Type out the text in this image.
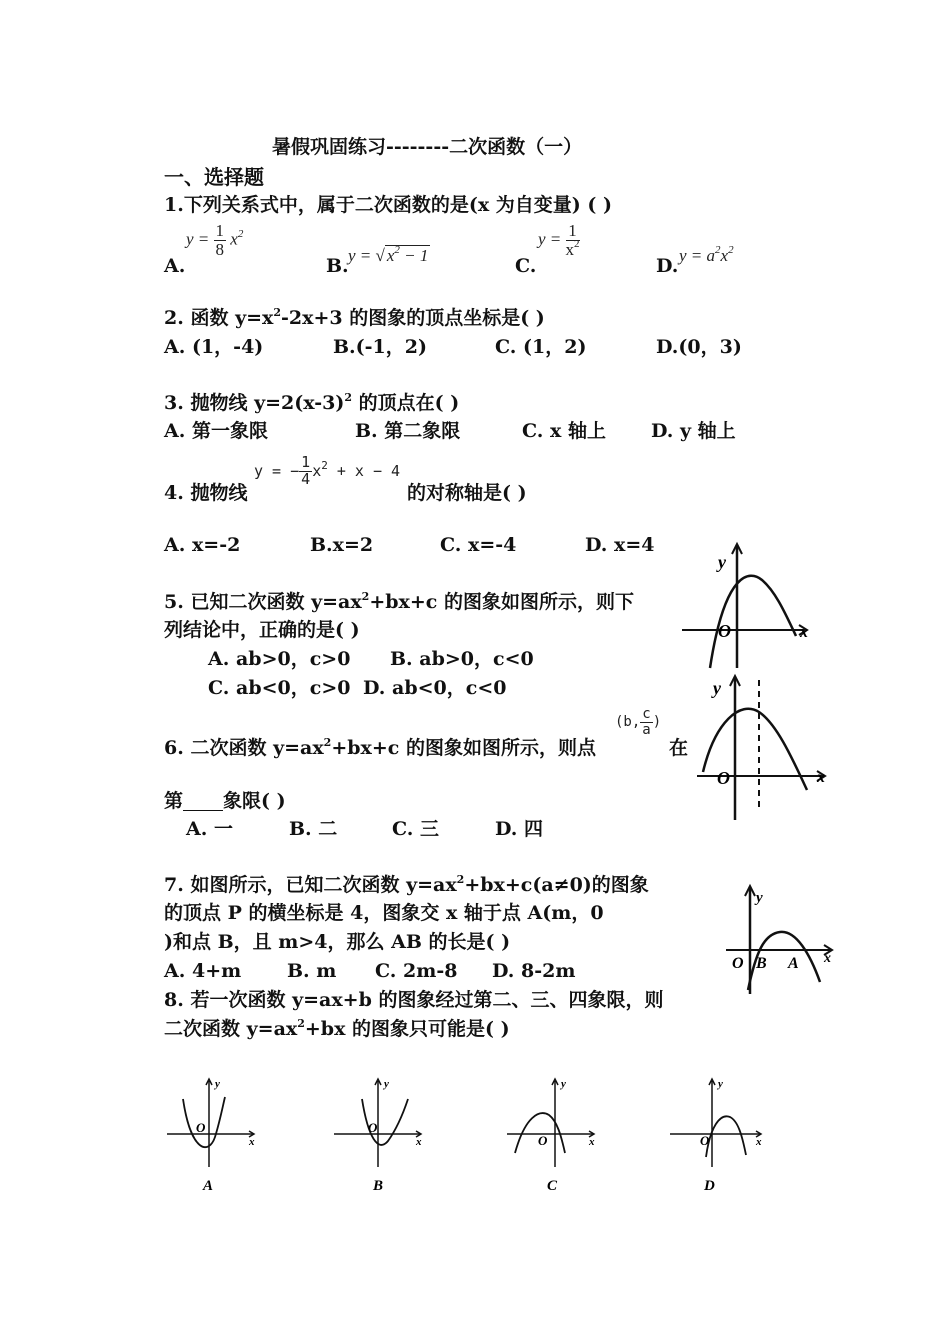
暑假巩固练习--------二次函数（一）
一、选择题
1.下列关系式中，属于二次函数的是(x 为自变量) ( )
A.
$y = \frac{1}{8} x^2$
B. y = √ $x^2 - 1$	C.
$y = \frac{1}{x^2}$
D. $y = a^2x^2$
2. 函数 $y=x^2-2x+3$ 的图象的顶点坐标是( )
A. (1，-4)	B.(-1，2)	C. (1，2)	D.(0，3)
3. 抛物线 $y=2(x-3)^2$ 的顶点在( )
A. 第一象限	B. 第二象限	C. x 轴上 D. y 轴上
4. 抛物线
y = − $\frac{1}{4} x^2 + x - 4$
的对称轴是( )
A. x=-2	B.x=2	C. x=-4	D. x=4
5. 已知二次函数 $y=ax^2+bx+c$ 的图象如图所示，则下
列结论中，正确的是( )
A. ab>0，c>0 B. ab>0，c<0
C. ab<0，c>0 D. ab<0，c<0
y
O	x
6. 二次函数 $y=ax^2+bx+c$ 的图象如图所示，则点
(b, $\frac{c}{a}$ )
在
第 象限( )
A. 一	B. 二	C. 三	D. 四
y
O	x
7. 如图所示，已知二次函数 $y=ax^2+bx+c(a\ne 0)$的图象
的顶点 P 的横坐标是 4，图象交 x 轴于点 A(m，0
)和点 B，且 m>4，那么 AB 的长是( )
A. 4+m B. m C. 2m-8 D. 8-2m
y
O B A x
8. 若一次函数 y=ax+b 的图象经过第二、三、四象限，则
二次函数 $y=ax^2+bx$ 的图象只可能是( )
y
O
x
A
y
O
x
B
y
O	x
C
y
O	x
D
